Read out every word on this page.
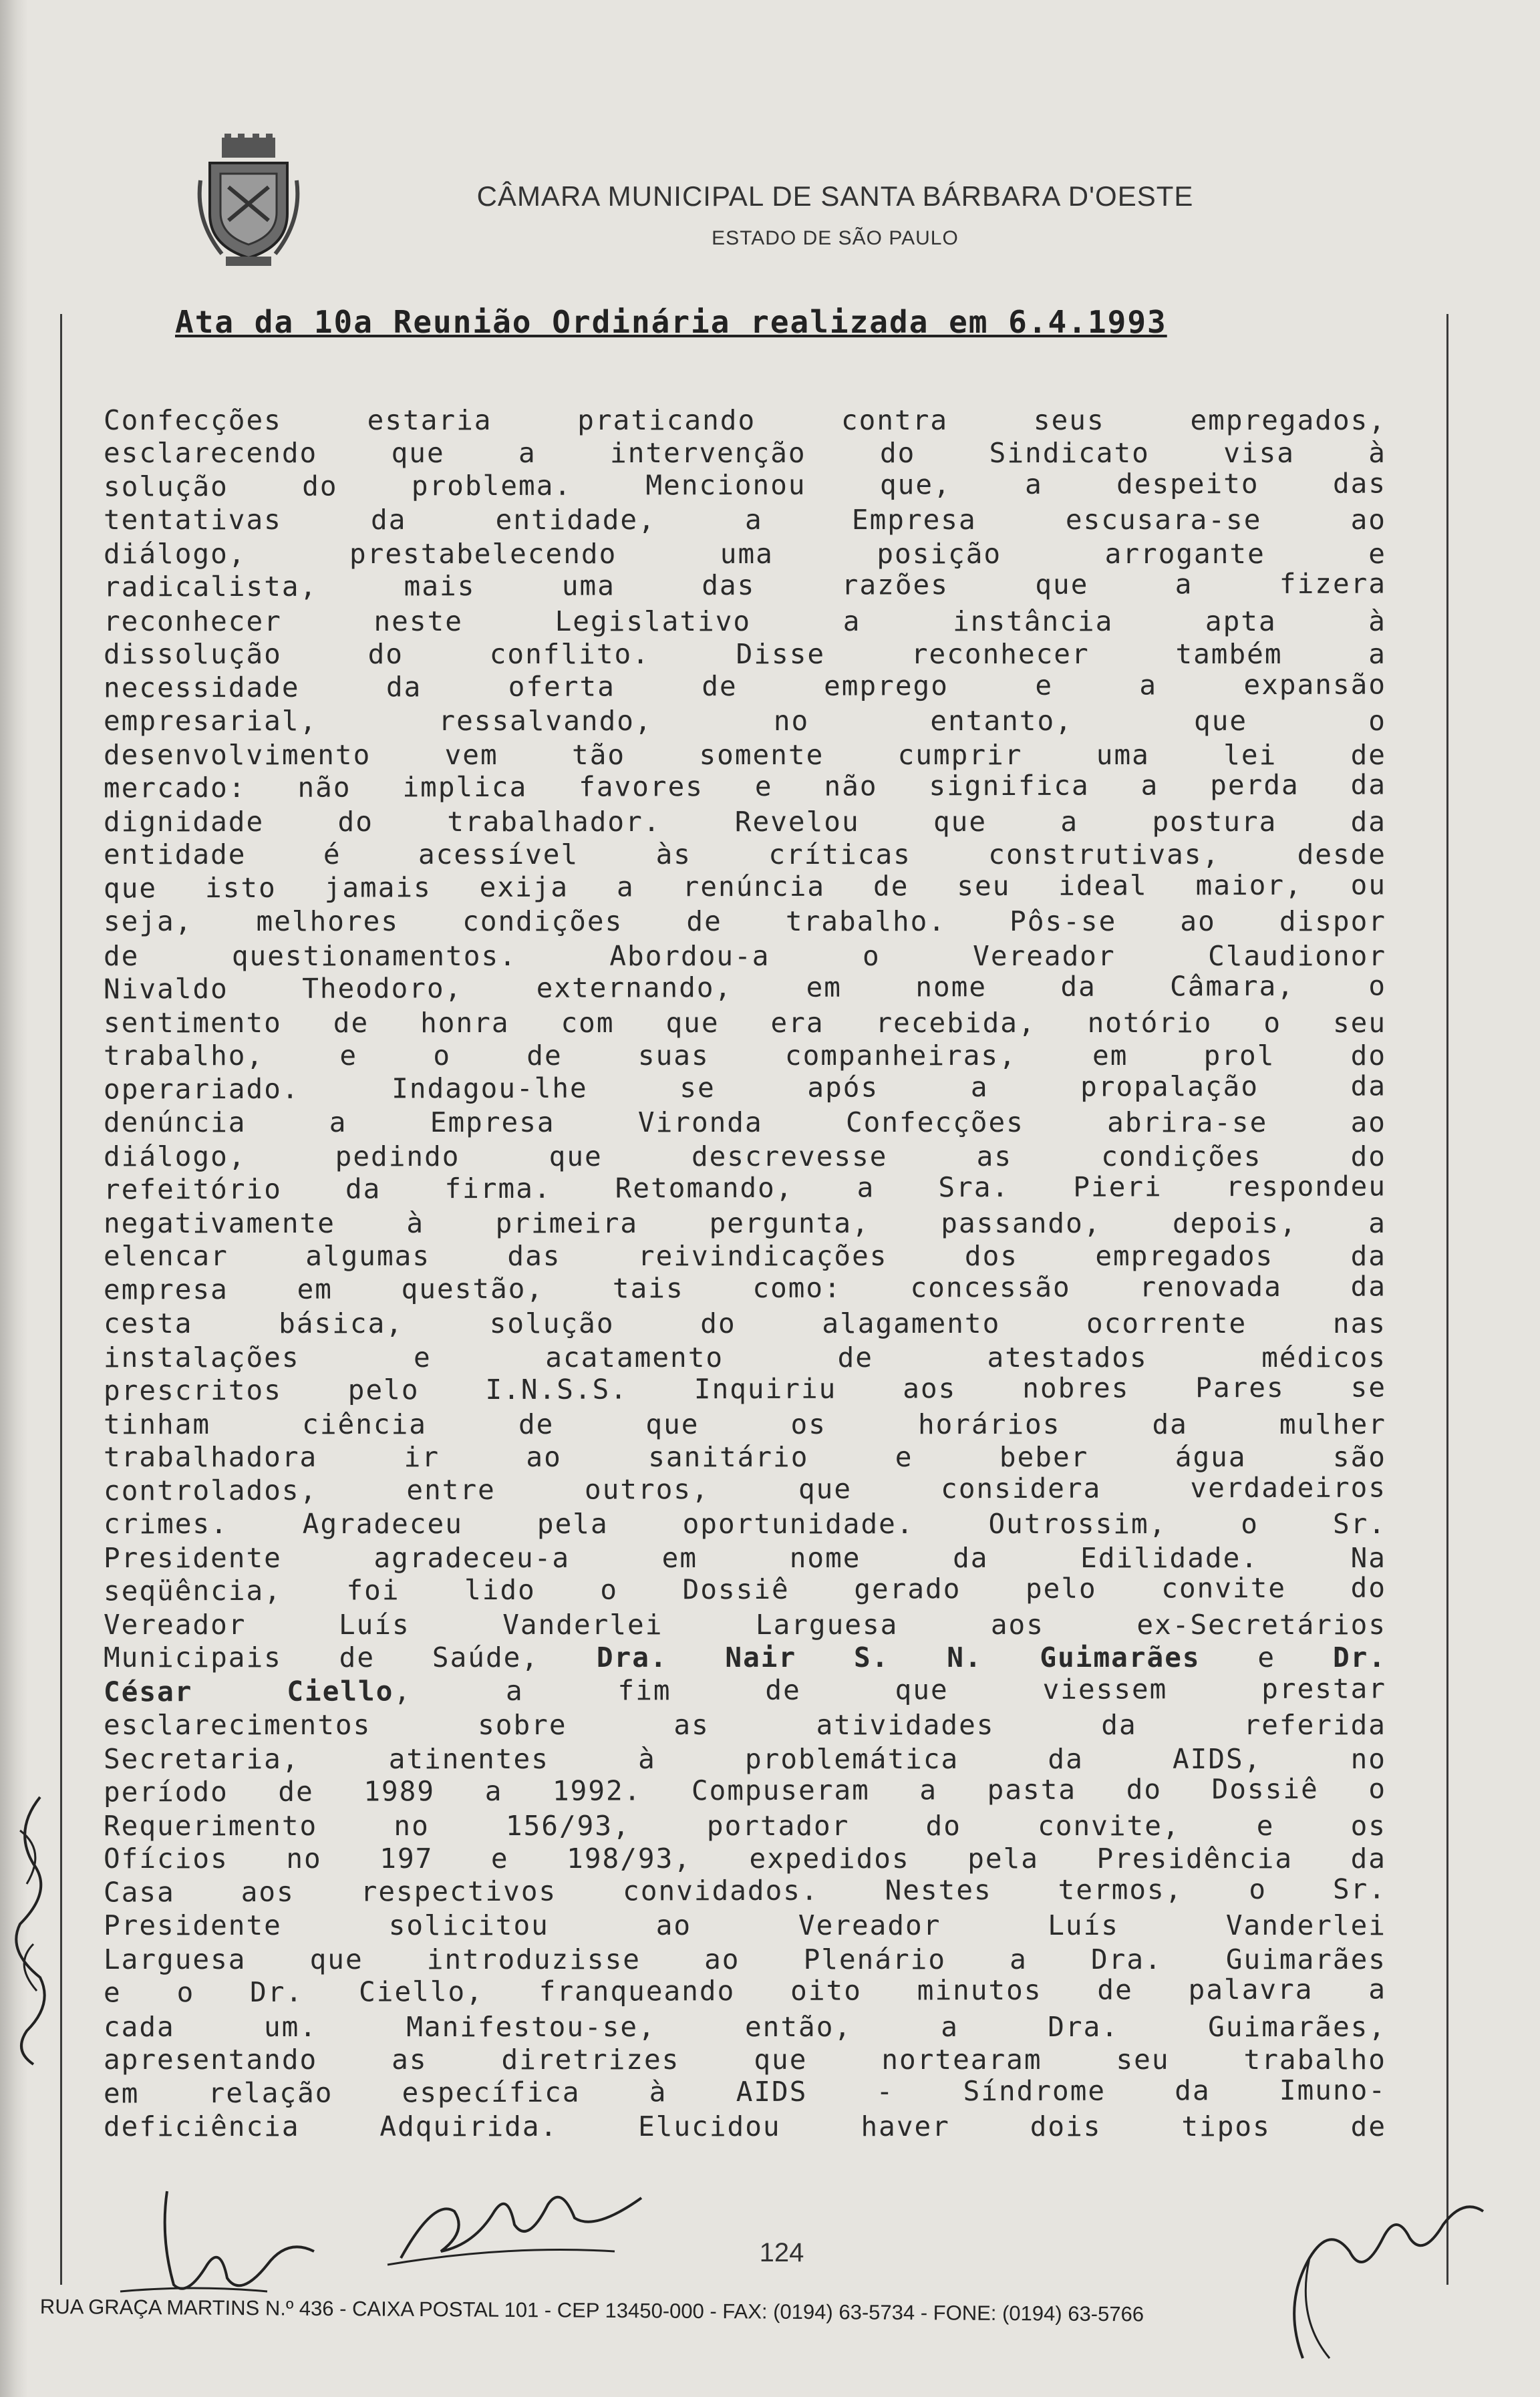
CÂMARA MUNICIPAL DE SANTA BÁRBARA D'OESTE
ESTADO DE SÃO PAULO
Ata da 10a Reunião Ordinária realizada em 6.4.1993
Confecções estaria praticando contra seus empregados,
esclarecendo que a intervenção do Sindicato visa à
solução do problema. Mencionou que, a despeito das
tentativas da entidade, a Empresa escusara-se ao
diálogo, prestabelecendo uma posição arrogante e
radicalista, mais uma das razões que a fizera
reconhecer neste Legislativo a instância apta à
dissolução do conflito. Disse reconhecer também a
necessidade da oferta de emprego e a expansão
empresarial, ressalvando, no entanto, que o
desenvolvimento vem tão somente cumprir uma lei de
mercado: não implica favores e não significa a perda da
dignidade do trabalhador. Revelou que a postura da
entidade é acessível às críticas construtivas, desde
que isto jamais exija a renúncia de seu ideal maior, ou
seja, melhores condições de trabalho. Pôs-se ao dispor
de questionamentos. Abordou-a o Vereador Claudionor
Nivaldo Theodoro, externando, em nome da Câmara, o
sentimento de honra com que era recebida, notório o seu
trabalho, e o de suas companheiras, em prol do
operariado. Indagou-lhe se após a propalação da
denúncia a Empresa Vironda Confecções abrira-se ao
diálogo, pedindo que descrevesse as condições do
refeitório da firma. Retomando, a Sra. Pieri respondeu
negativamente à primeira pergunta, passando, depois, a
elencar algumas das reivindicações dos empregados da
empresa em questão, tais como: concessão renovada da
cesta básica, solução do alagamento ocorrente nas
instalações e acatamento de atestados médicos
prescritos pelo I.N.S.S. Inquiriu aos nobres Pares se
tinham ciência de que os horários da mulher
trabalhadora ir ao sanitário e beber água são
controlados, entre outros, que considera verdadeiros
crimes. Agradeceu pela oportunidade. Outrossim, o Sr.
Presidente agradeceu-a em nome da Edilidade. Na
seqüência, foi lido o Dossiê gerado pelo convite do
Vereador Luís Vanderlei Larguesa aos ex-Secretários
Municipais de Saúde, Dra. Nair S. N. Guimarães e Dr.
César Ciello, a fim de que viessem prestar
esclarecimentos sobre as atividades da referida
Secretaria, atinentes à problemática da AIDS, no
período de 1989 a 1992. Compuseram a pasta do Dossiê o
Requerimento no 156/93, portador do convite, e os
Ofícios no 197 e 198/93, expedidos pela Presidência da
Casa aos respectivos convidados. Nestes termos, o Sr.
Presidente solicitou ao Vereador Luís Vanderlei
Larguesa que introduzisse ao Plenário a Dra. Guimarães
e o Dr. Ciello, franqueando oito minutos de palavra a
cada um. Manifestou-se, então, a Dra. Guimarães,
apresentando as diretrizes que nortearam seu trabalho
em relação específica à AIDS - Síndrome da Imuno-
deficiência Adquirida. Elucidou haver dois tipos de
124
RUA GRAÇA MARTINS N.º 436 - CAIXA POSTAL 101 - CEP 13450-000 - FAX: (0194) 63-5734 - FONE: (0194) 63-5766
